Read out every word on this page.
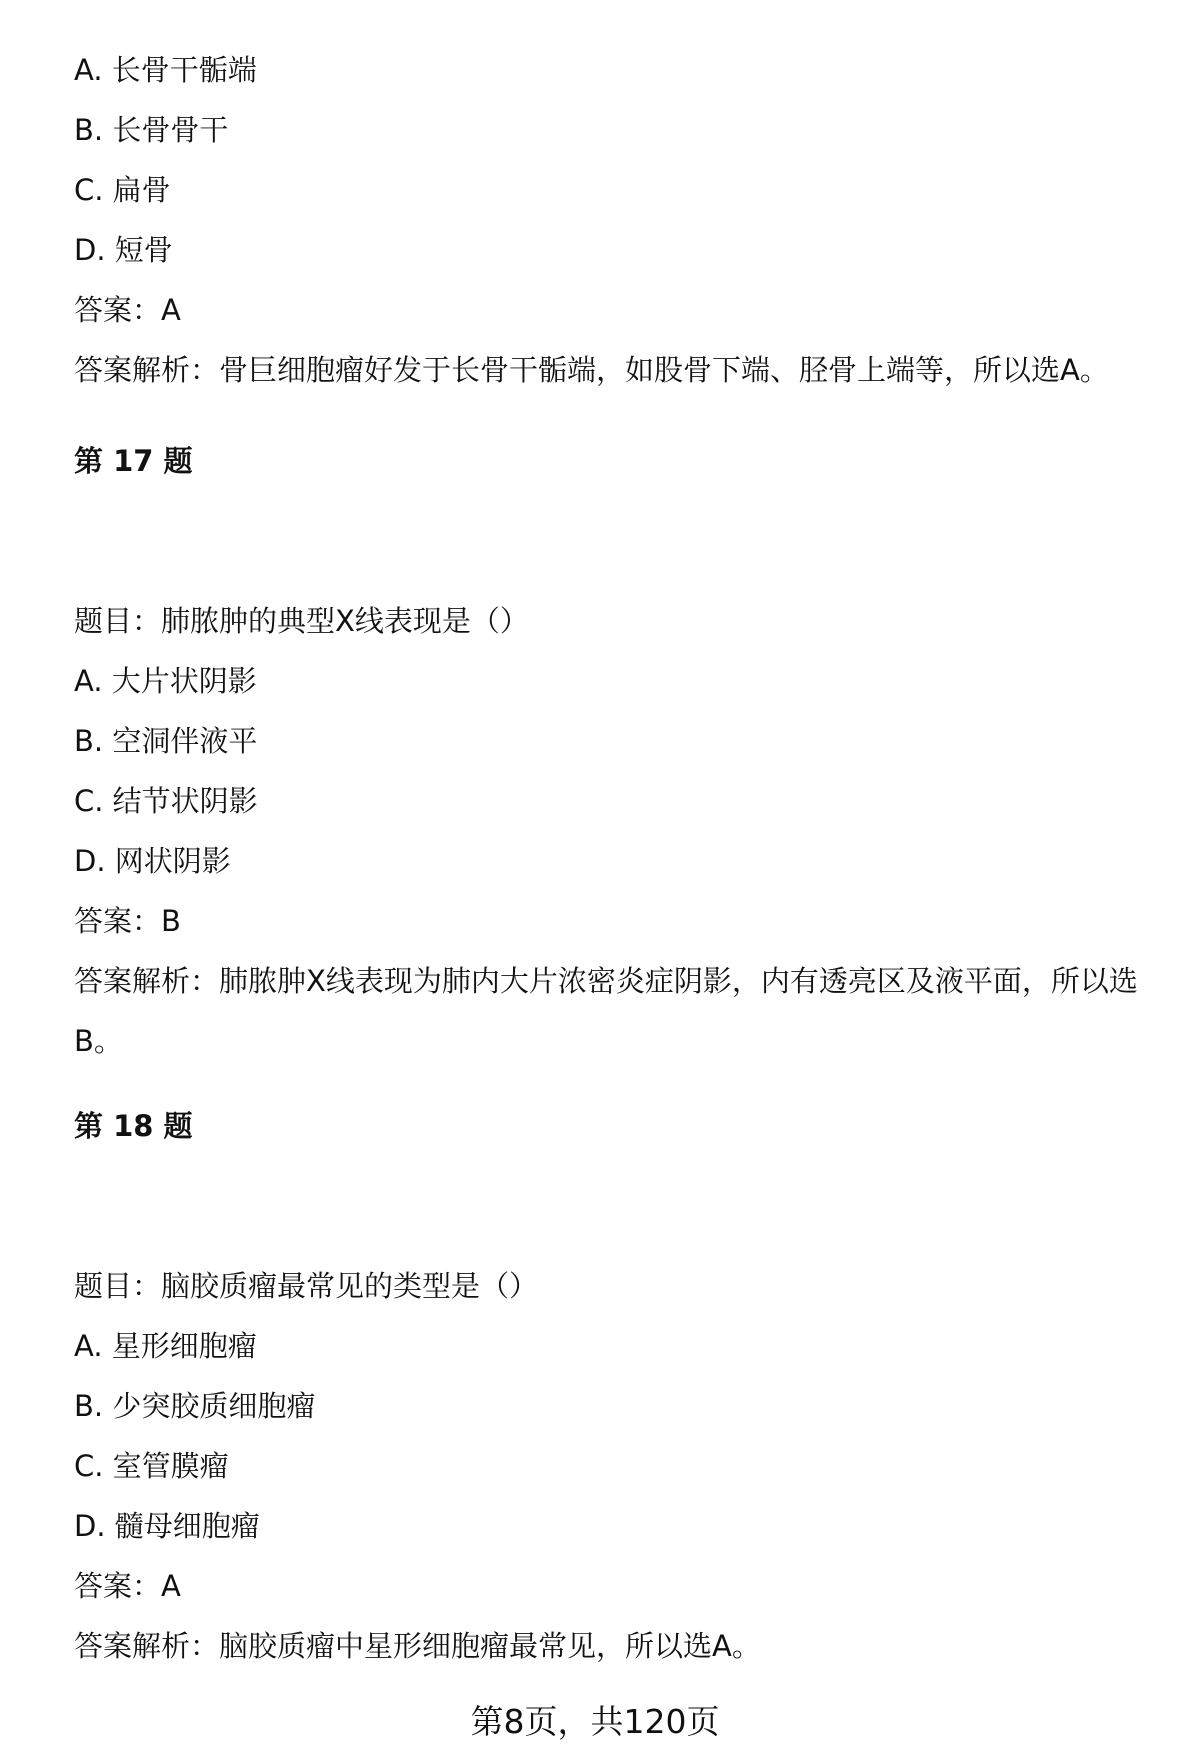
A. 长骨干骺端
B. 长骨骨干
C. 扁骨
D. 短骨
答案：A
答案解析：骨巨细胞瘤好发于长骨干骺端，如股骨下端、胫骨上端等，所以选A。
第 17 题
题目：肺脓肿的典型X线表现是（）
A. 大片状阴影
B. 空洞伴液平
C. 结节状阴影
D. 网状阴影
答案：B
答案解析：肺脓肿X线表现为肺内大片浓密炎症阴影，内有透亮区及液平面，所以选B。
第 18 题
题目：脑胶质瘤最常见的类型是（）
A. 星形细胞瘤
B. 少突胶质细胞瘤
C. 室管膜瘤
D. 髓母细胞瘤
答案：A
答案解析：脑胶质瘤中星形细胞瘤最常见，所以选A。
第8页，共120页
